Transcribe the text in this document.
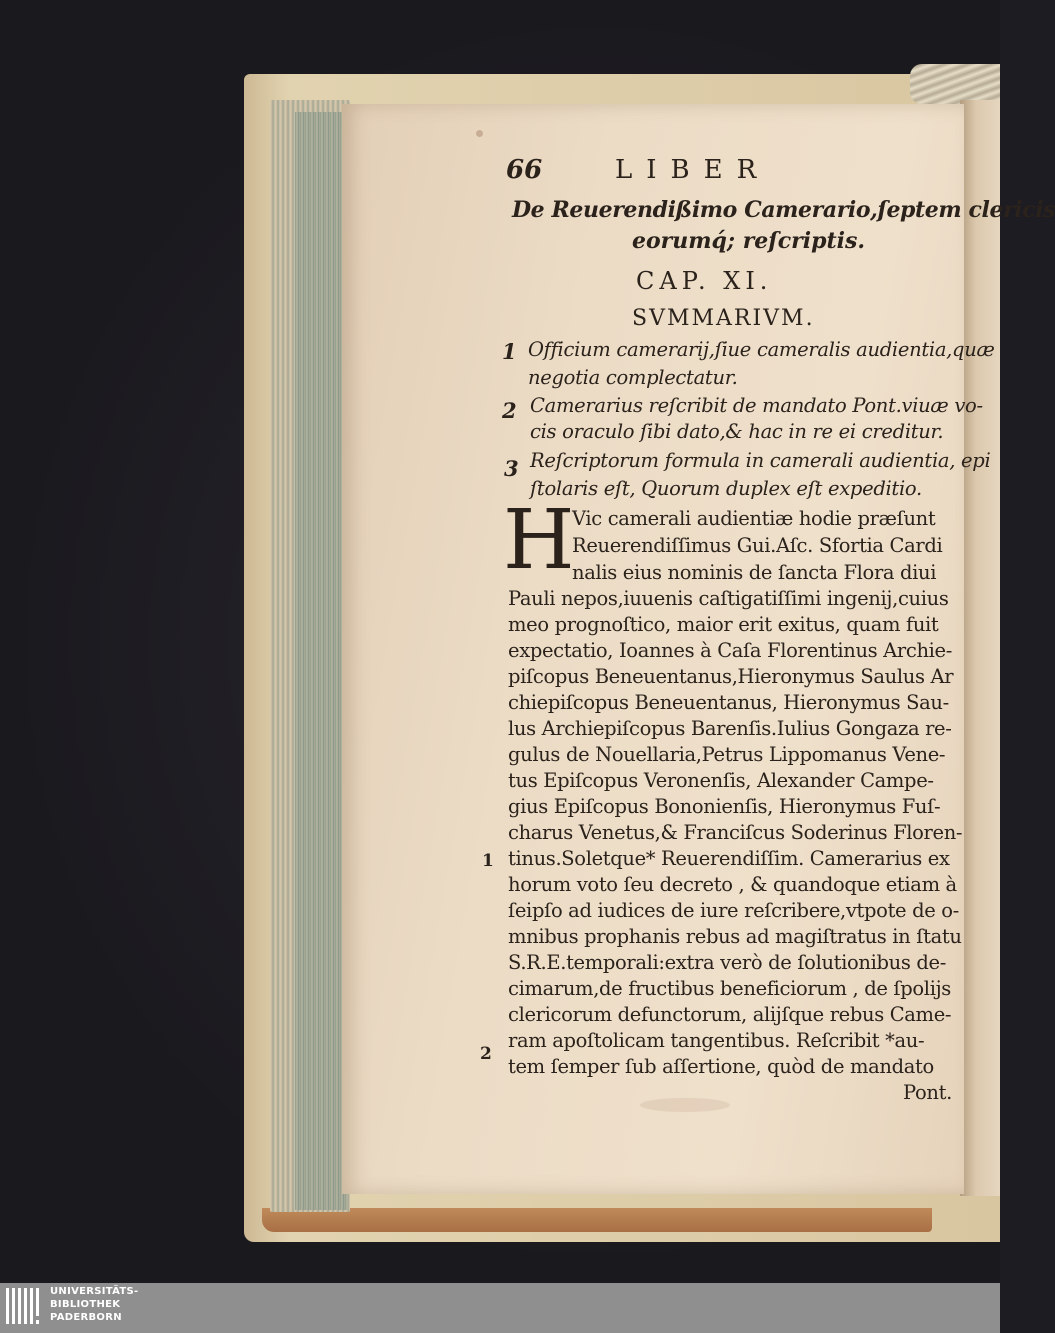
66	LIBER
De Reuerendißimo Camerario,ſeptem clericis
eorumq́; reſcriptis.
CAP. XI.
SVMMARIVM.
1 Officium camerarij,ſiue cameralis audientia,quæ
negotia complectatur.
2 Camerarius reſcribit de mandato Pont.viuæ vo-
cis oraculo ſibi dato,& hac in re ei creditur.
3 Reſcriptorum formula in camerali audientia, epi
ſtolaris eſt, Quorum duplex eſt expeditio.
H
Vic camerali audientiæ hodie præſunt
Reuerendiſſimus Gui.Aſc. Sfortia Cardi
nalis eius nominis de ſancta Flora diui
Pauli nepos,iuuenis caſtigatiſſimi ingenij,cuius
meo prognoſtico, maior erit exitus, quam fuit
expectatio, Ioannes à Caſa Florentinus Archie-
piſcopus Beneuentanus,Hieronymus Saulus Ar
chiepiſcopus Beneuentanus, Hieronymus Sau-
lus Archiepiſcopus Barenſis.Iulius Gongaza re-
gulus de Nouellaria,Petrus Lippomanus Vene-
tus Epiſcopus Veronenſis, Alexander Campe-
gius Epiſcopus Bononienſis, Hieronymus Fuſ-
charus Venetus,& Franciſcus Soderinus Floren-
tinus.Soletque* Reuerendiſſim. Camerarius ex
horum voto ſeu decreto , & quandoque etiam à
ſeipſo ad iudices de iure reſcribere,vtpote de o-
mnibus prophanis rebus ad magiſtratus in ſtatu
S.R.E.temporali:extra verò de ſolutionibus de-
cimarum,de fructibus beneficiorum , de ſpolijs
clericorum defunctorum, alijſque rebus Came-
ram apoſtolicam tangentibus. Reſcribit *au-
tem ſemper ſub aſſertione, quòd de mandato
Pont.
1
2
UNIVERSITÄTS-
BIBLIOTHEK
PADERBORN
